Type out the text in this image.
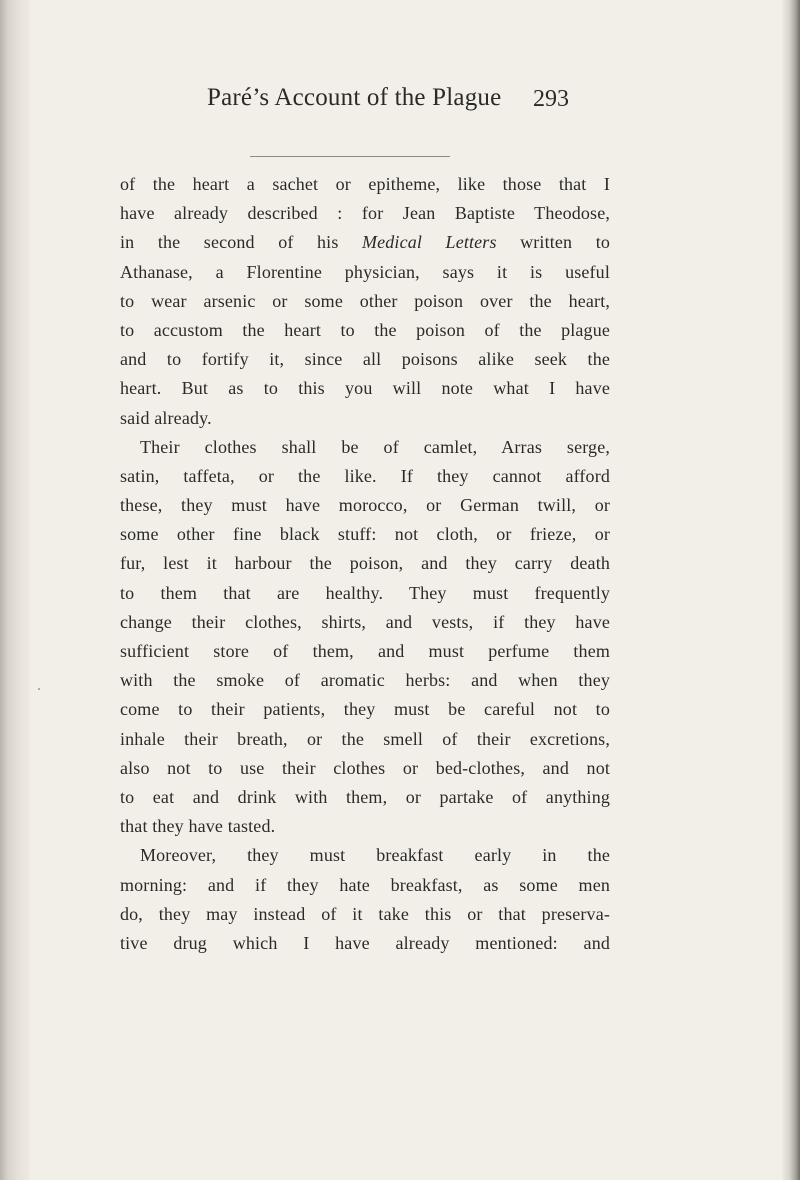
Paré’s Account of the Plague 293
of the heart a sachet or epitheme, like those that I
have already described : for Jean Baptiste Theodose,
in the second of his Medical Letters written to
Athanase, a Florentine physician, says it is useful
to wear arsenic or some other poison over the heart,
to accustom the heart to the poison of the plague
and to fortify it, since all poisons alike seek the
heart. But as to this you will note what I have
said already.
Their clothes shall be of camlet, Arras serge,
satin, taffeta, or the like. If they cannot afford
these, they must have morocco, or German twill, or
some other fine black stuff: not cloth, or frieze, or
fur, lest it harbour the poison, and they carry death
to them that are healthy. They must frequently
change their clothes, shirts, and vests, if they have
sufficient store of them, and must perfume them
with the smoke of aromatic herbs: and when they
come to their patients, they must be careful not to
inhale their breath, or the smell of their excretions,
also not to use their clothes or bed-clothes, and not
to eat and drink with them, or partake of anything
that they have tasted.
Moreover, they must breakfast early in the
morning: and if they hate breakfast, as some men
do, they may instead of it take this or that preserva-
tive drug which I have already mentioned: and
